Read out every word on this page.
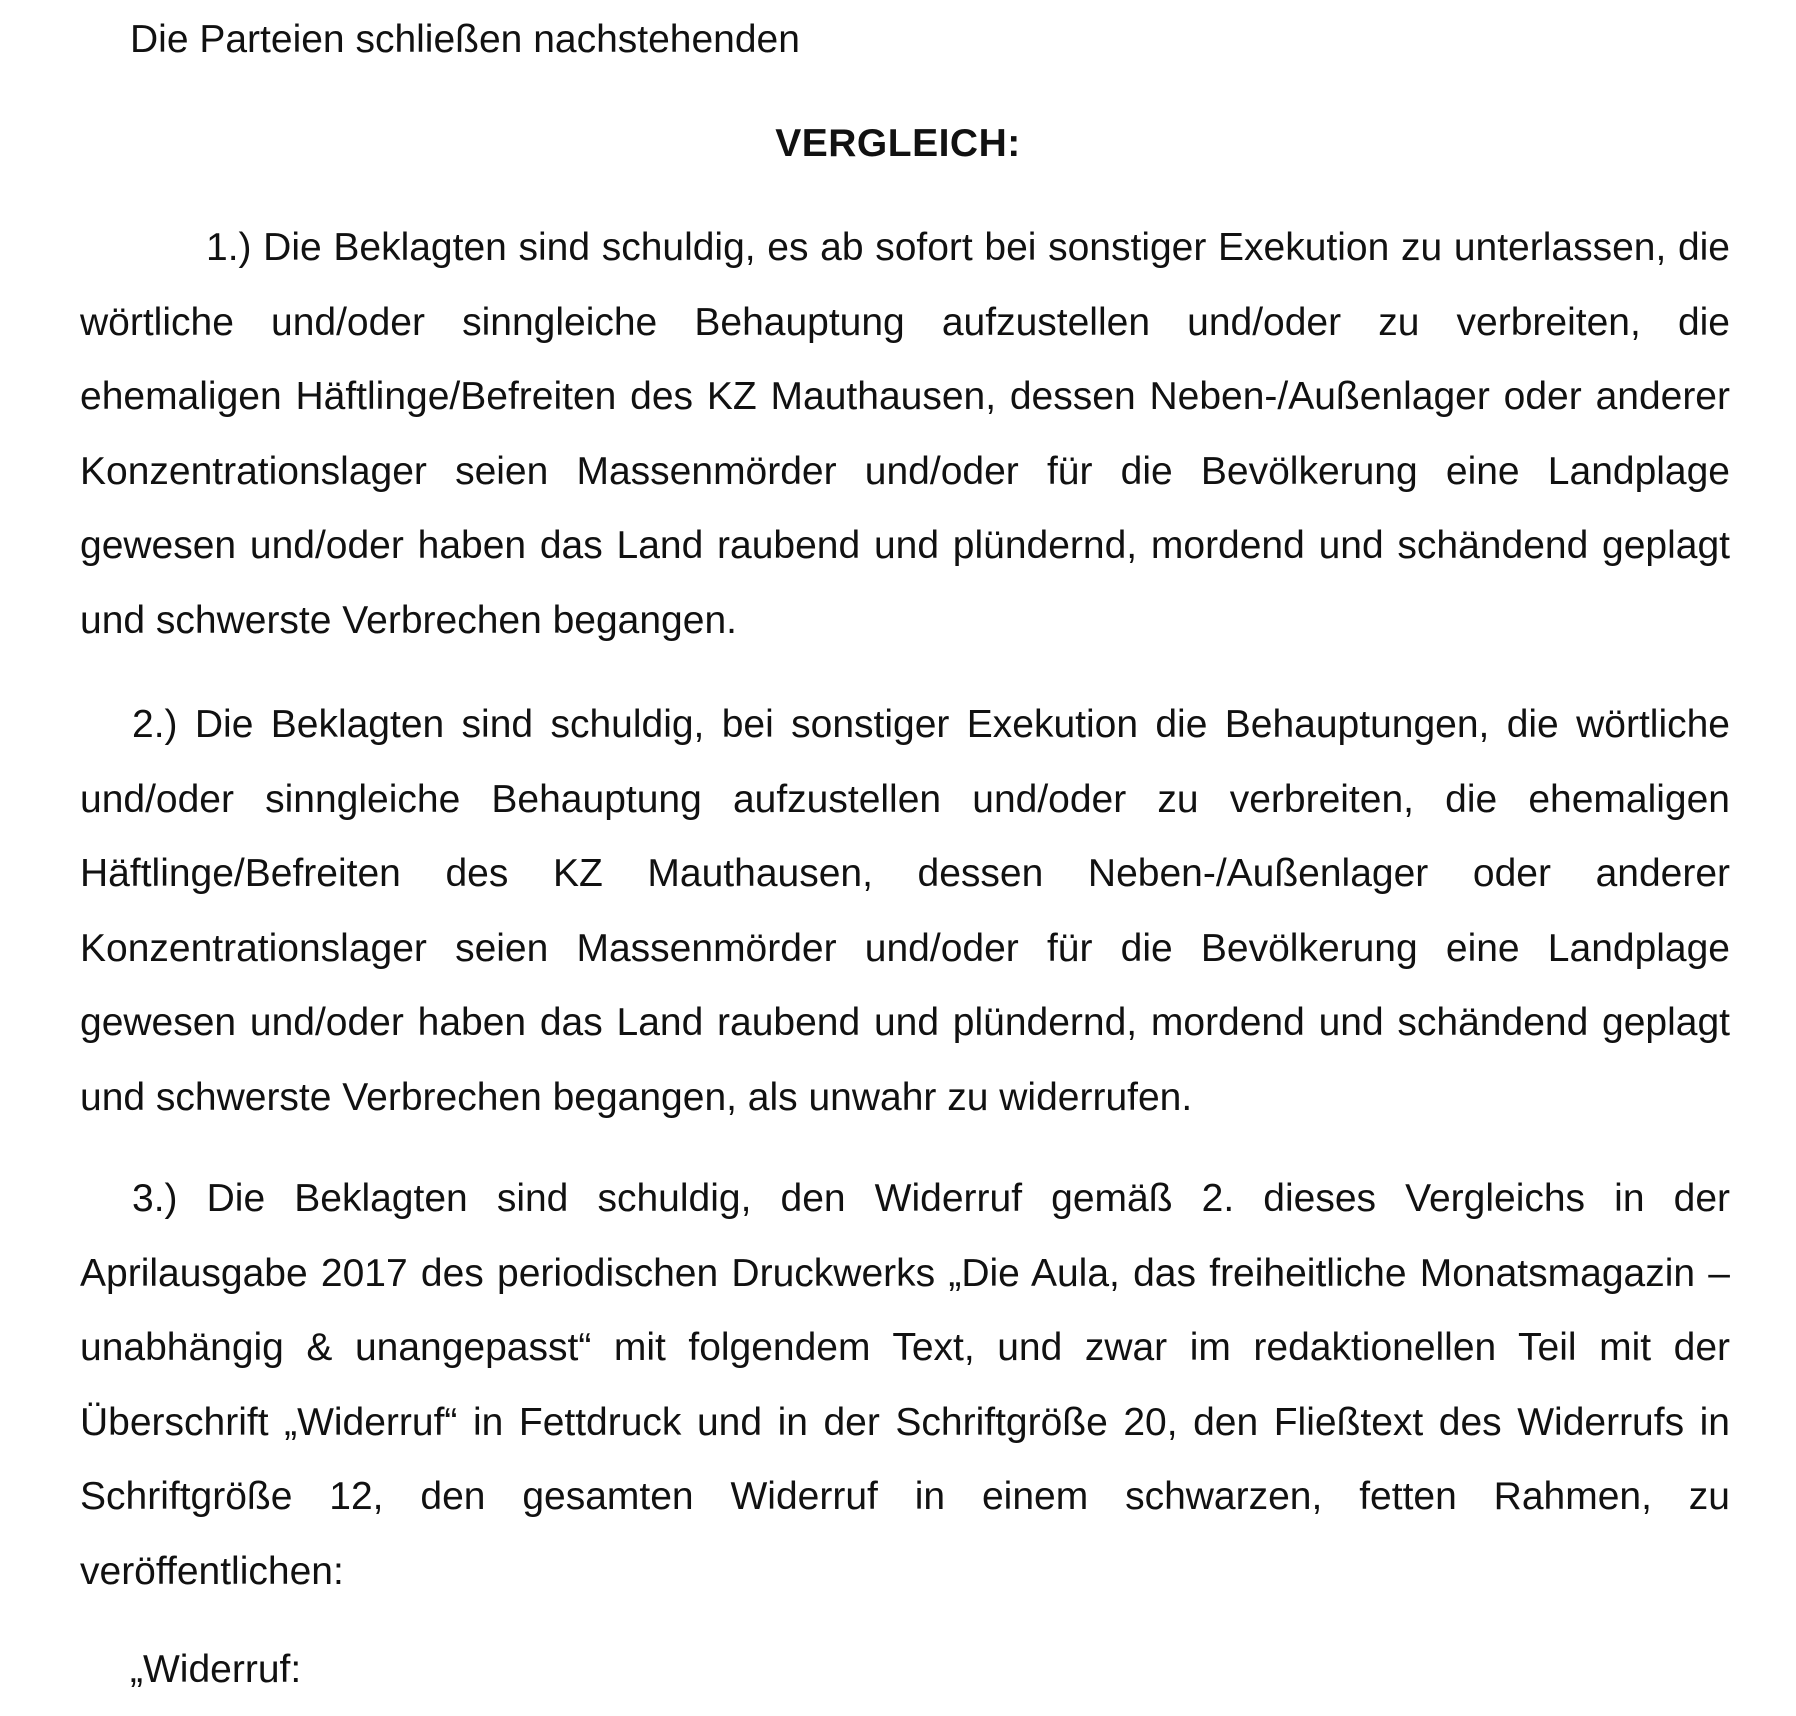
Die Parteien schließen nachstehenden
VERGLEICH:

1.) Die Beklagten sind schuldig, es ab sofort bei sonstiger Exekution zu unterlassen, die wörtliche und/oder sinngleiche Behauptung aufzustellen und/oder zu verbreiten, die ehemaligen Häftlinge/Befreiten des KZ Mauthausen, dessen Neben-/Außenlager oder anderer Konzentrationslager seien Massenmörder und/oder für die Bevölkerung eine Landplage gewesen und/oder haben das Land raubend und plündernd, mordend und schändend geplagt und schwerste Verbrechen begangen.

2.) Die Beklagten sind schuldig, bei sonstiger Exekution die Behauptungen, die wörtliche und/oder sinngleiche Behauptung aufzustellen und/oder zu verbreiten, die ehemaligen Häftlinge/Befreiten des KZ Mauthausen, dessen Neben-/Außenlager oder anderer Konzentrationslager seien Massenmörder und/oder für die Bevölkerung eine Landplage gewesen und/oder haben das Land raubend und plündernd, mordend und schändend geplagt und schwerste Verbrechen begangen, als unwahr zu widerrufen.

3.) Die Beklagten sind schuldig, den Widerruf gemäß 2. dieses Vergleichs in der Aprilausgabe 2017 des periodischen Druckwerks „Die Aula, das freiheitliche Monatsmagazin – unabhängig & unangepasst“ mit folgendem Text, und zwar im redaktionellen Teil mit der Überschrift „Widerruf“ in Fettdruck und in der Schriftgröße 20, den Fließtext des Widerrufs in Schriftgröße 12, den gesamten Widerruf in einem schwarzen, fetten Rahmen, zu veröffentlichen:

„Widerruf:
